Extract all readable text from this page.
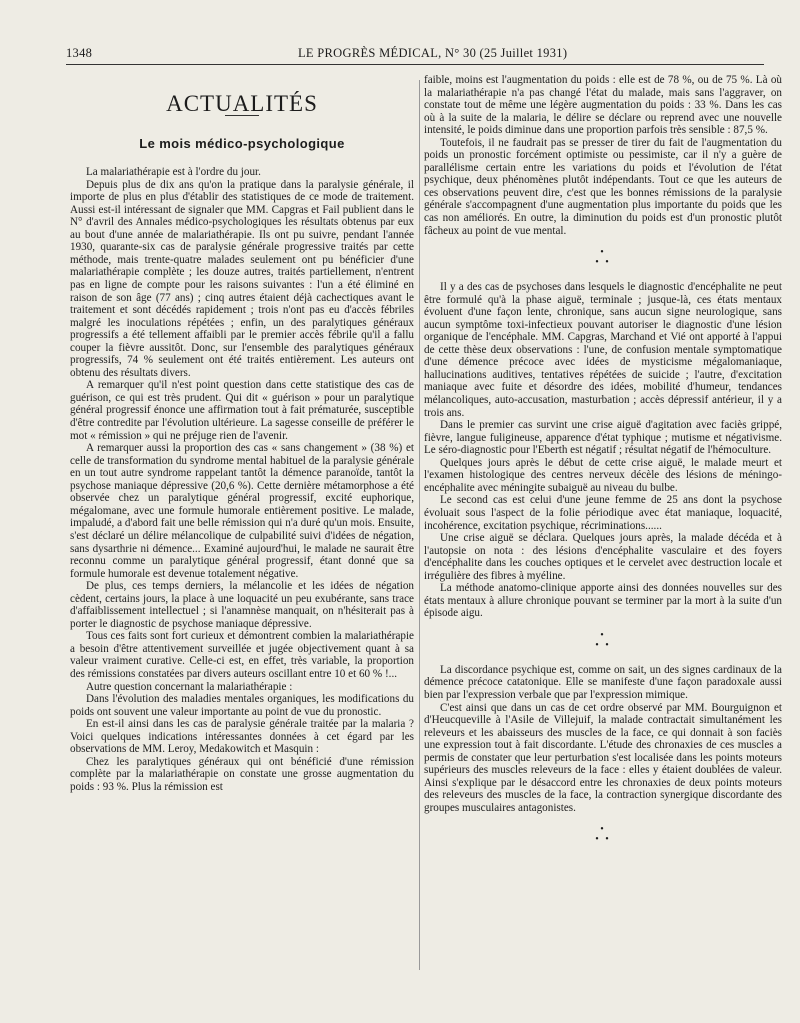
1348	LE PROGRÈS MÉDICAL, N° 30 (25 Juillet 1931)
ACTUALITÉS
Le mois médico-psychologique

La malariathérapie est à l'ordre du jour.

Depuis plus de dix ans qu'on la pratique dans la paralysie générale, il importe de plus en plus d'établir des statistiques de ce mode de traitement. Aussi est-il intéressant de signaler que MM. Capgras et Fail publient dans le N° d'avril des Annales médico-psychologiques les résultats obtenus par eux au bout d'une année de malariathérapie. Ils ont pu suivre, pendant l'année 1930, quarante-six cas de paralysie générale progressive traités par cette méthode, mais trente-quatre malades seulement ont pu bénéficier d'une malariathérapie complète ; les douze autres, traités partiellement, n'entrent pas en ligne de compte pour les raisons suivantes : l'un a été éliminé en raison de son âge (77 ans) ; cinq autres étaient déjà cachectiques avant le traitement et sont décédés rapidement ; trois n'ont pas eu d'accès fébriles malgré les inoculations répétées ; enfin, un des paralytiques généraux progressifs a été tellement affaibli par le premier accès fébrile qu'il a fallu couper la fièvre aussitôt. Donc, sur l'ensemble des paralytiques généraux progressifs, 74 % seulement ont été traités entièrement. Les auteurs ont obtenu des résultats divers.

A remarquer qu'il n'est point question dans cette statistique des cas de guérison, ce qui est très prudent. Qui dit « guérison » pour un paralytique général progressif énonce une affirmation tout à fait prématurée, susceptible d'être contredite par l'évolution ultérieure. La sagesse conseille de préférer le mot « rémission » qui ne préjuge rien de l'avenir.

A remarquer aussi la proportion des cas « sans changement » (38 %) et celle de transformation du syndrome mental habituel de la paralysie générale en un tout autre syndrome rappelant tantôt la démence paranoïde, tantôt la psychose maniaque dépressive (20,6 %). Cette dernière métamorphose a été observée chez un paralytique général progressif, excité euphorique, mégalomane, avec une formule humorale entièrement positive. Le malade, impaludé, a d'abord fait une belle rémission qui n'a duré qu'un mois. Ensuite, s'est déclaré un délire mélancolique de culpabilité suivi d'idées de négation, sans dysarthrie ni démence... Examiné aujourd'hui, le malade ne saurait être reconnu comme un paralytique général progressif, étant donné que sa formule humorale est devenue totalement négative.

De plus, ces temps derniers, la mélancolie et les idées de négation cèdent, certains jours, la place à une loquacité un peu exubérante, sans trace d'affaiblissement intellectuel ; si l'anamnèse manquait, on n'hésiterait pas à porter le diagnostic de psychose maniaque dépressive.

Tous ces faits sont fort curieux et démontrent combien la malariathérapie a besoin d'être attentivement surveillée et jugée objectivement quant à sa valeur vraiment curative. Celle-ci est, en effet, très variable, la proportion des rémissions constatées par divers auteurs oscillant entre 10 et 60 % !...

Autre question concernant la malariathérapie :

Dans l'évolution des maladies mentales organiques, les modifications du poids ont souvent une valeur importante au point de vue du pronostic.

En est-il ainsi dans les cas de paralysie générale traitée par la malaria ? Voici quelques indications intéressantes données à cet égard par les observations de MM. Leroy, Medakowitch et Masquin :

Chez les paralytiques généraux qui ont bénéficié d'une rémission complète par la malariathérapie on constate une grosse augmentation du poids : 93 %. Plus la rémission est

faible, moins est l'augmentation du poids : elle est de 78 %, ou de 75 %. Là où la malariathérapie n'a pas changé l'état du malade, mais sans l'aggraver, on constate tout de même une légère augmentation du poids : 33 %. Dans les cas où à la suite de la malaria, le délire se déclare ou reprend avec une nouvelle intensité, le poids diminue dans une proportion parfois très sensible : 87,5 %.

Toutefois, il ne faudrait pas se presser de tirer du fait de l'augmentation du poids un pronostic forcément optimiste ou pessimiste, car il n'y a guère de parallélisme certain entre les variations du poids et l'évolution de l'état psychique, deux phénomènes plutôt indépendants. Tout ce que les auteurs de ces observations peuvent dire, c'est que les bonnes rémissions de la paralysie générale s'accompagnent d'une augmentation plus importante du poids que les cas non améliorés. En outre, la diminution du poids est d'un pronostic plutôt fâcheux au point de vue mental.

•
• •

Il y a des cas de psychoses dans lesquels le diagnostic d'encéphalite ne peut être formulé qu'à la phase aiguë, terminale ; jusque-là, ces états mentaux évoluent d'une façon lente, chronique, sans aucun signe neurologique, sans aucun symptôme toxi-infectieux pouvant autoriser le diagnostic d'une lésion organique de l'encéphale. MM. Capgras, Marchand et Vié ont apporté à l'appui de cette thèse deux observations : l'une, de confusion mentale symptomatique d'une démence précoce avec idées de mysticisme mégalomaniaque, hallucinations auditives, tentatives répétées de suicide ; l'autre, d'excitation maniaque avec fuite et désordre des idées, mobilité d'humeur, tendances mélancoliques, auto-accusation, masturbation ; accès dépressif antérieur, il y a trois ans.

Dans le premier cas survint une crise aiguë d'agitation avec faciès grippé, fièvre, langue fuligineuse, apparence d'état typhique ; mutisme et négativisme. Le séro-diagnostic pour l'Eberth est négatif ; résultat négatif de l'hémoculture.

Quelques jours après le début de cette crise aiguë, le malade meurt et l'examen histologique des centres nerveux décèle des lésions de méningo-encéphalite avec méningite subaiguë au niveau du bulbe.

Le second cas est celui d'une jeune femme de 25 ans dont la psychose évoluait sous l'aspect de la folie périodique avec état maniaque, loquacité, incohérence, excitation psychique, récriminations......

Une crise aiguë se déclara. Quelques jours après, la malade décéda et à l'autopsie on nota : des lésions d'encéphalite vasculaire et des foyers d'encéphalite dans les couches optiques et le cervelet avec destruction locale et irrégulière des fibres à myéline.

La méthode anatomo-clinique apporte ainsi des données nouvelles sur des états mentaux à allure chronique pouvant se terminer par la mort à la suite d'un épisode aigu.

•
• •

La discordance psychique est, comme on sait, un des signes cardinaux de la démence précoce catatonique. Elle se manifeste d'une façon paradoxale aussi bien par l'expression verbale que par l'expression mimique.

C'est ainsi que dans un cas de cet ordre observé par MM. Bourguignon et d'Heucqueville à l'Asile de Villejuif, la malade contractait simultanément les releveurs et les abaisseurs des muscles de la face, ce qui donnait à son faciès une expression tout à fait discordante. L'étude des chronaxies de ces muscles a permis de constater que leur perturbation s'est localisée dans les points moteurs supérieurs des muscles releveurs de la face : elles y étaient doublées de valeur. Ainsi s'explique par le désaccord entre les chronaxies de deux points moteurs des releveurs des muscles de la face, la contraction synergique discordante des groupes musculaires antagonistes.

•
• •
